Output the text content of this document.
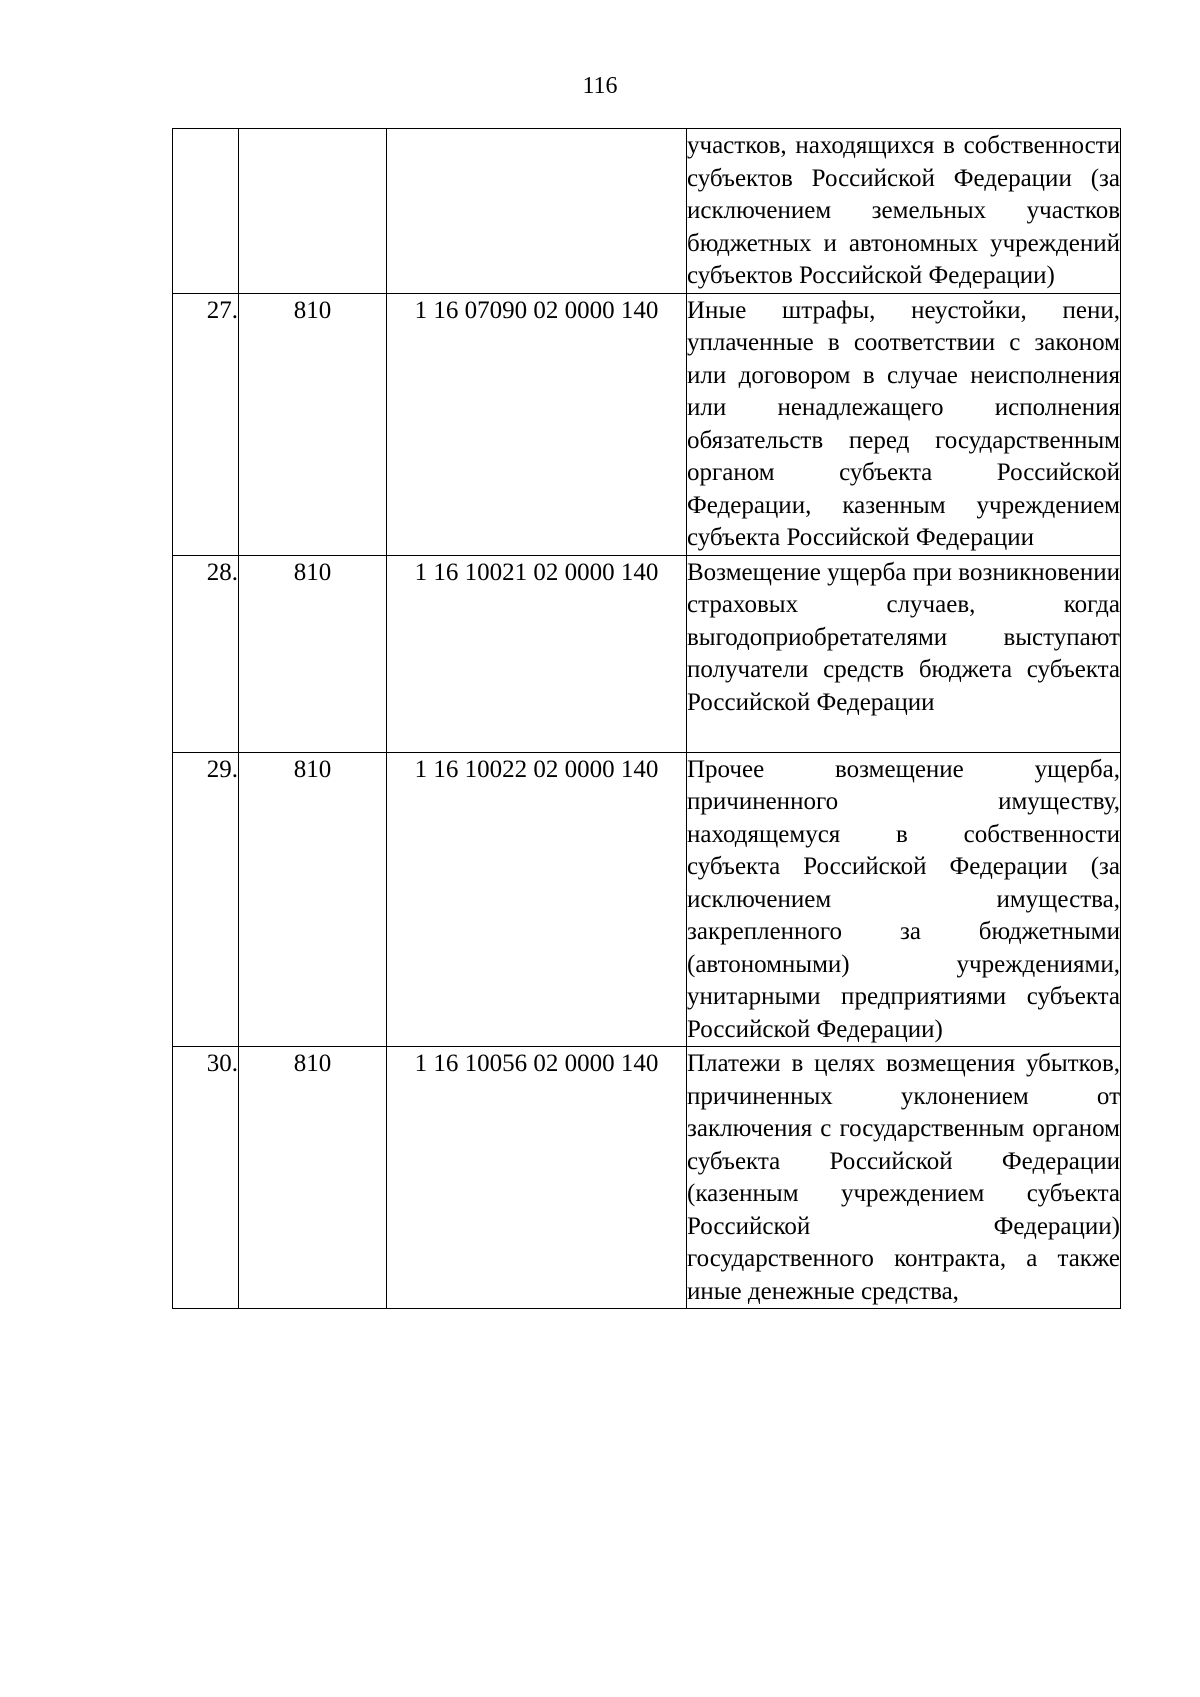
116

			участков, находящихся в собственности субъектов Российской Федерации (за исключением земельных участков бюджетных и автономных учреждений субъектов Российской Федерации)

27.	810	1 16 07090 02 0000 140	Иные штрафы, неустойки, пени, уплаченные в соответствии с законом или договором в случае неисполнения или ненадлежащего исполнения обязательств перед государственным органом субъекта Российской Федерации, казенным учреждением субъекта Российской Федерации

28.	810	1 16 10021 02 0000 140	Возмещение ущерба при возникновении страховых случаев, когда выгодоприобретателями выступают получатели средств бюджета субъекта Российской Федерации

29.	810	1 16 10022 02 0000 140	Прочее возмещение ущерба, причиненного имуществу, находящемуся в собственности субъекта Российской Федерации (за исключением имущества, закрепленного за бюджетными (автономными) учреждениями, унитарными предприятиями субъекта Российской Федерации)

30.	810	1 16 10056 02 0000 140	Платежи в целях возмещения убытков, причиненных уклонением от заключения с государственным органом субъекта Российской Федерации (казенным учреждением субъекта Российской Федерации) государственного контракта, а также иные денежные средства,
